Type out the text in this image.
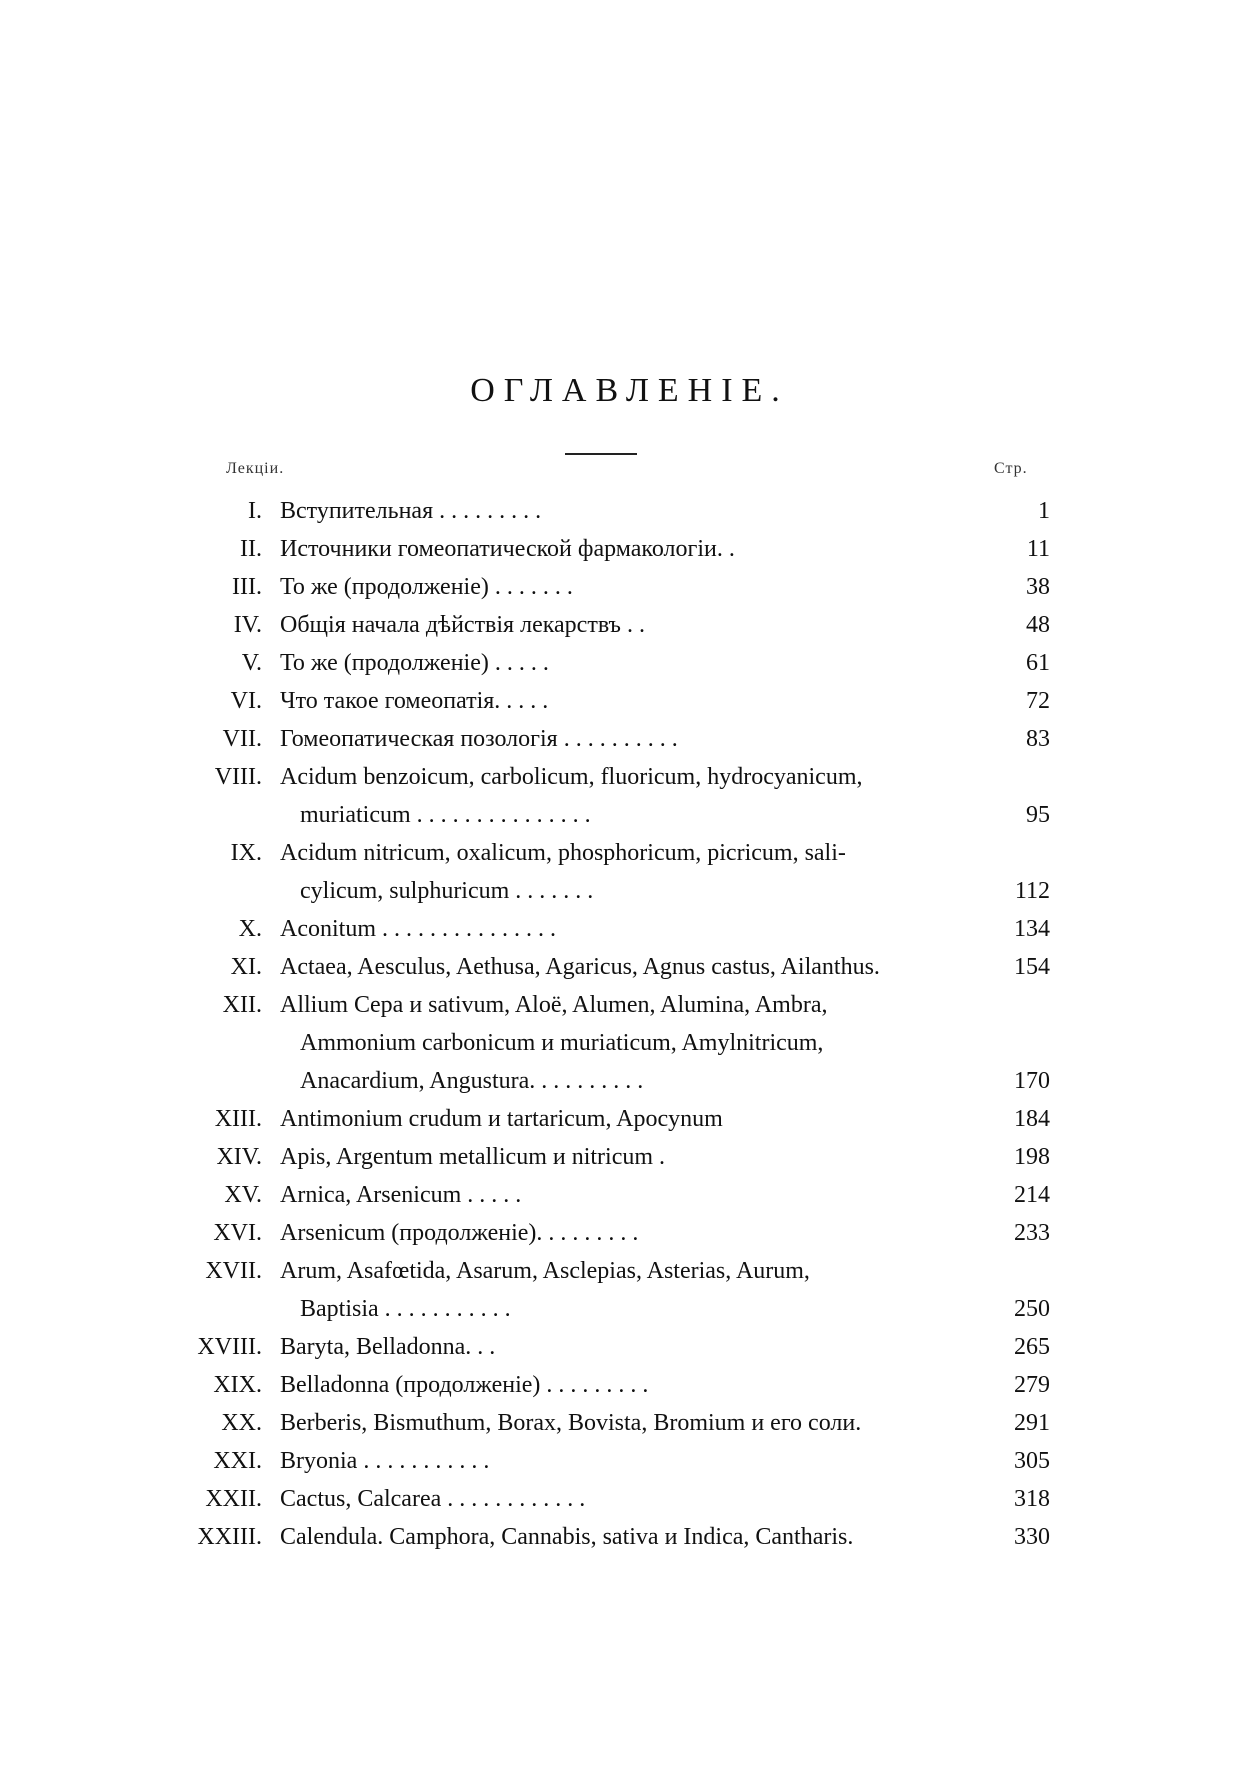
ОГЛАВЛЕНІЕ.
Лекціи.	Стр.
I. Вступительная . . . . . . . . .	1
II. Источники гомеопатической фармакологіи. .	11
III. То же (продолженіе) . . . . . . .	38
IV. Общія начала дѣйствія лекарствъ . .	48
V. То же (продолженіе) . . . . .	61
VI. Что такое гомеопатія. . . . .	72
VII. Гомеопатическая позологія . . . . . . . . . .	83
VIII. Acidum benzoicum, carbolicum, fluoricum, hydrocyanicum,
muriaticum . . . . . . . . . . . . . . .	95
IX. Acidum nitricum, oxalicum, phosphoricum, picricum, sali-
cylicum, sulphuricum . . . . . . .	112
X. Aconitum . . . . . . . . . . . . . . .	134
XI. Actaea, Aesculus, Aethusa, Agaricus, Agnus castus, Ailanthus.	154
XII. Allium Cepa и sativum, Aloë, Alumen, Alumina, Ambra,
Ammonium carbonicum и muriaticum, Amylnitricum,
Anacardium, Angustura. . . . . . . . . .	170
XIII. Antimonium crudum и tartaricum, Apocynum	184
XIV. Apis, Argentum metallicum и nitricum .	198
XV. Arnica, Arsenicum . . . . .	214
XVI. Arsenicum (продолженіе). . . . . . . . .	233
XVII. Arum, Asafœtida, Asarum, Asclepias, Asterias, Aurum,
Baptisia . . . . . . . . . . .	250
XVIII. Baryta, Belladonna. . .	265
XIX. Belladonna (продолженіе) . . . . . . . . .	279
XX. Berberis, Bismuthum, Borax, Bovista, Bromium и его соли.	291
XXI. Bryonia . . . . . . . . . . .	305
XXII. Cactus, Calcarea . . . . . . . . . . . .	318
XXIII. Calendula. Camphora, Cannabis, sativa и Indica, Cantharis.	330
